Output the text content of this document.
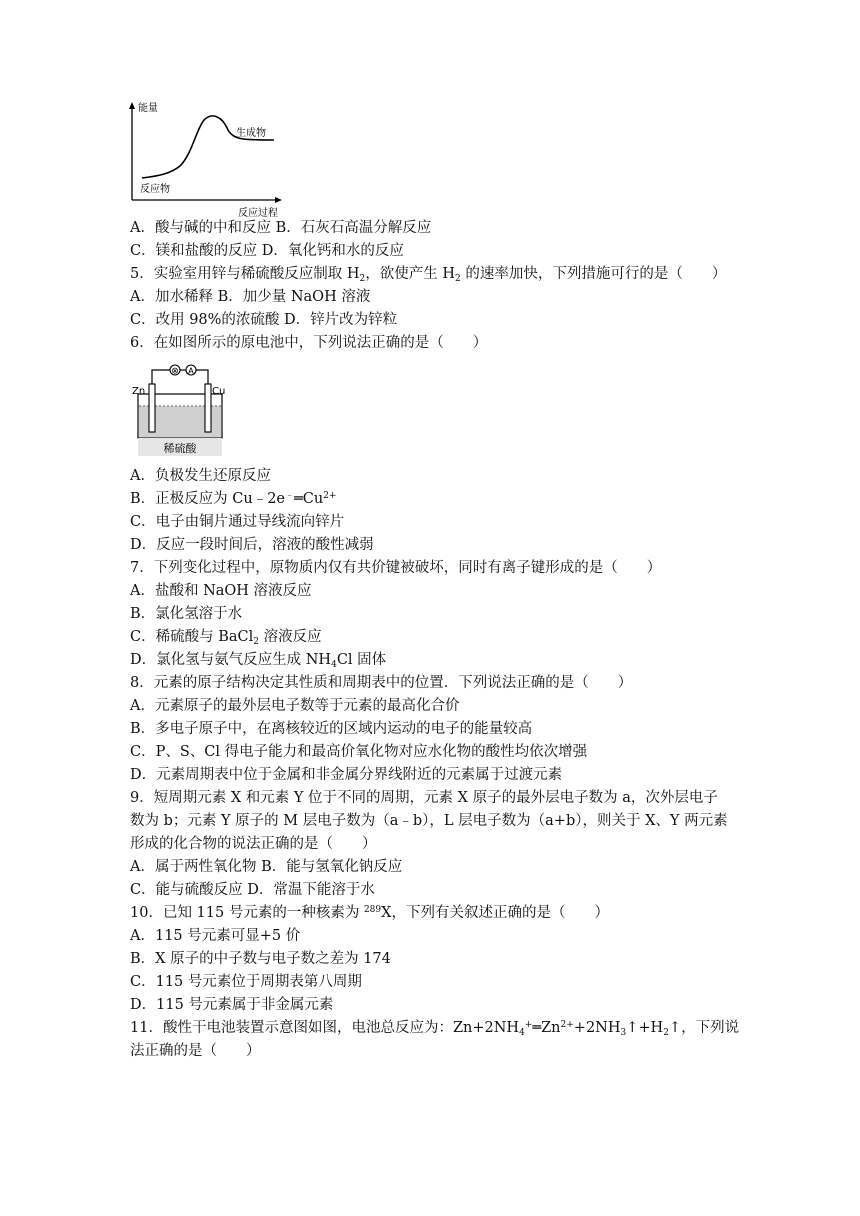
能量
反应过程
反应物
生成物
A．酸与碱的中和反应 B．石灰石高温分解反应
C．镁和盐酸的反应 D．氧化钙和水的反应
5．实验室用锌与稀硫酸反应制取 $H_2$，欲使产生 $H_2$ 的速率加快，下列措施可行的是（　　）
A．加水稀释 B．加少量 NaOH 溶液
C．改用 98%的浓硫酸 D．锌片改为锌粒
6．在如图所示的原电池中，下列说法正确的是（　　）
⊗ A
Zn	Cu
稀硫酸
A．负极发生还原反应
B．正极反应为 $Cu﹣2e^﹣═Cu^{2+}$
C．电子由铜片通过导线流向锌片
D．反应一段时间后，溶液的酸性减弱
7．下列变化过程中，原物质内仅有共价键被破坏，同时有离子键形成的是（　　）
A．盐酸和 NaOH 溶液反应
B．氯化氢溶于水
C．稀硫酸与 BaCl$_2$ 溶液反应
D．氯化氢与氨气反应生成 $NH_4Cl$ 固体
8．元素的原子结构决定其性质和周期表中的位置．下列说法正确的是（　　）
A．元素原子的最外层电子数等于元素的最高化合价
B．多电子原子中，在离核较近的区域内运动的电子的能量较高
C．P、S、Cl 得电子能力和最高价氧化物对应水化物的酸性均依次增强
D．元素周期表中位于金属和非金属分界线附近的元素属于过渡元素
9．短周期元素 X 和元素 Y 位于不同的周期，元素 X 原子的最外层电子数为 a，次外层电子
数为 b；元素 Y 原子的 M 层电子数为（a﹣b），L 层电子数为（a+b），则关于 X、Y 两元素
形成的化合物的说法正确的是（　　）
A．属于两性氧化物 B．能与氢氧化钠反应
C．能与硫酸反应 D．常温下能溶于水
10．已知 115 号元素的一种核素为 $^{289}$X，下列有关叙述正确的是（　　）
A．115 号元素可显+5 价
B．X 原子的中子数与电子数之差为 174
C．115 号元素位于周期表第八周期
D．115 号元素属于非金属元素
11．酸性干电池装置示意图如图，电池总反应为：$Zn+2NH_4^+═Zn^{2+}+2NH_3↑+H_2↑$，下列说
法正确的是（　　）
